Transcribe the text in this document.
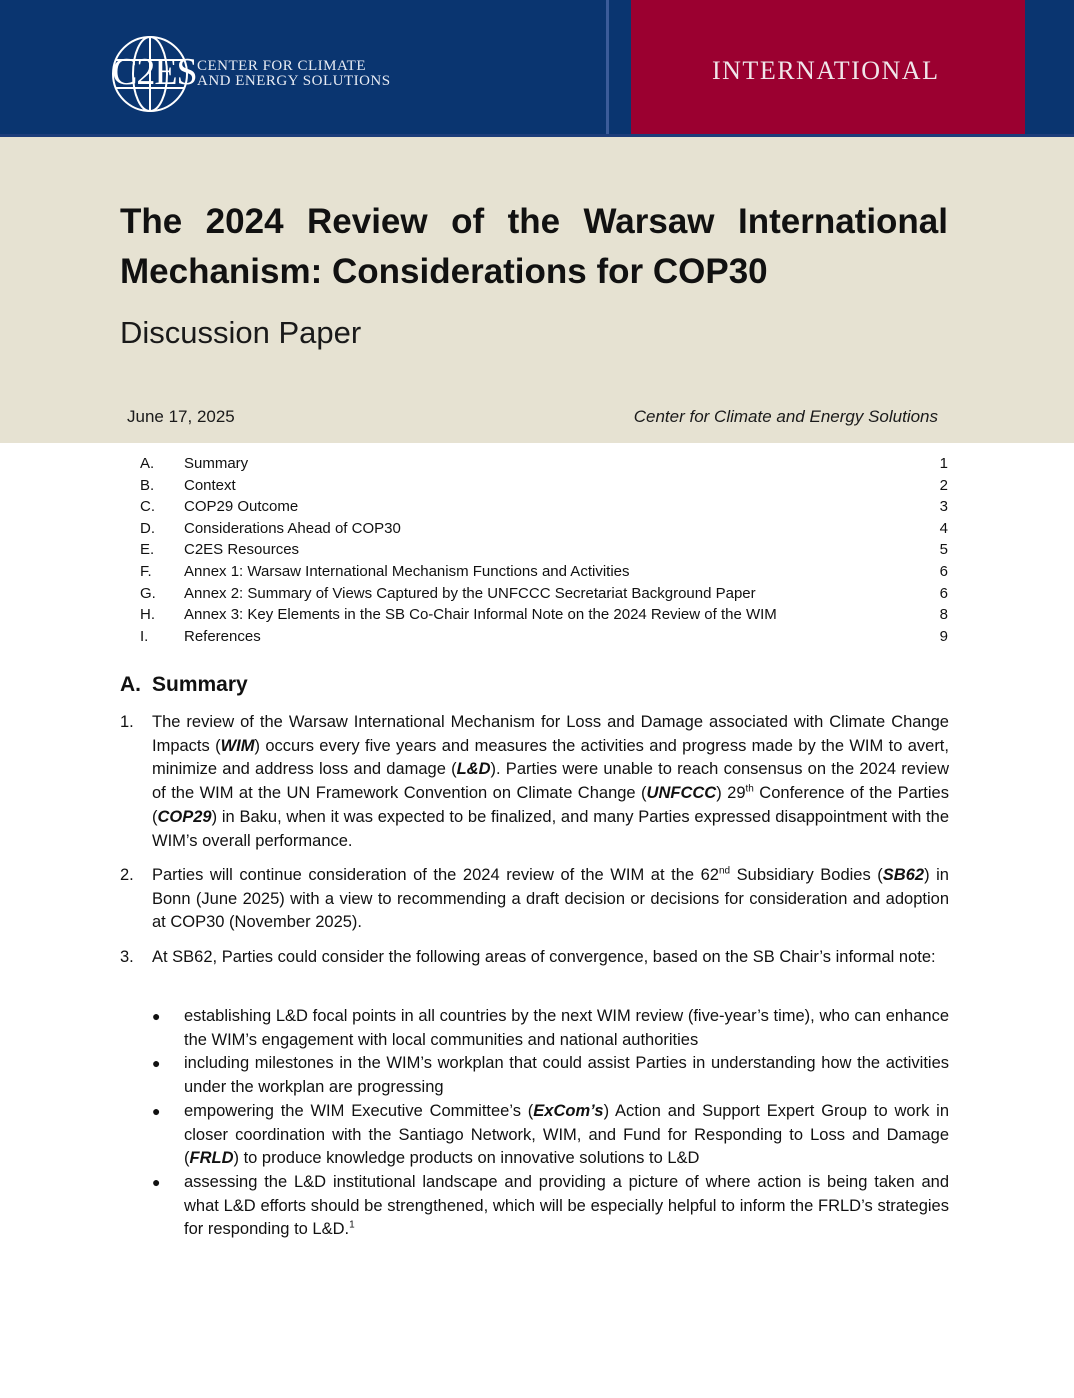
C2ES CENTER FOR CLIMATE
AND ENERGY SOLUTIONS	INTERNATIONAL
The 2024 Review of the Warsaw International Mechanism: Considerations for COP30
Discussion Paper
June 17, 2025	Center for Climate and Energy Solutions
A. Summary	1
B. Context	2
C. COP29 Outcome	3
D. Considerations Ahead of COP30	4
E. C2ES Resources	5
F. Annex 1: Warsaw International Mechanism Functions and Activities	6
G. Annex 2: Summary of Views Captured by the UNFCCC Secretariat Background Paper	6
H. Annex 3: Key Elements in the SB Co-Chair Informal Note on the 2024 Review of the WIM	8
I. References	9
A. Summary
1. The review of the Warsaw International Mechanism for Loss and Damage associated with Climate Change Impacts (WIM) occurs every five years and measures the activities and progress made by the WIM to avert, minimize and address loss and damage (L&D). Parties were unable to reach consensus on the 2024 review of the WIM at the UN Framework Convention on Climate Change (UNFCCC) 29th Conference of the Parties (COP29) in Baku, when it was expected to be finalized, and many Parties expressed disappointment with the WIM’s overall performance.
2. Parties will continue consideration of the 2024 review of the WIM at the 62nd Subsidiary Bodies (SB62) in Bonn (June 2025) with a view to recommending a draft decision or decisions for consideration and adoption at COP30 (November 2025).
3. At SB62, Parties could consider the following areas of convergence, based on the SB Chair’s informal note:
● establishing L&D focal points in all countries by the next WIM review (five-year’s time), who can enhance the WIM’s engagement with local communities and national authorities
● including milestones in the WIM’s workplan that could assist Parties in understanding how the activities under the workplan are progressing
● empowering the WIM Executive Committee’s (ExCom’s) Action and Support Expert Group to work in closer coordination with the Santiago Network, WIM, and Fund for Responding to Loss and Damage (FRLD) to produce knowledge products on innovative solutions to L&D
● assessing the L&D institutional landscape and providing a picture of where action is being taken and what L&D efforts should be strengthened, which will be especially helpful to inform the FRLD’s strategies for responding to L&D.$^1$
